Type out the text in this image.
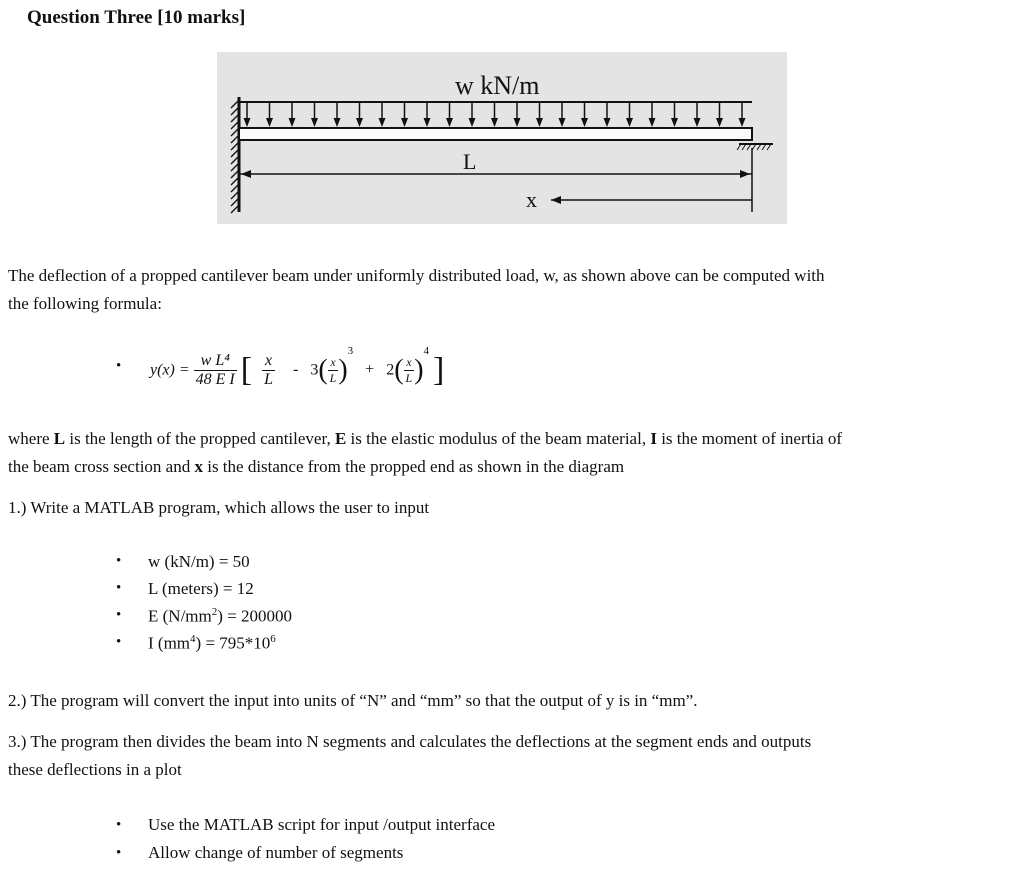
Question Three [10 marks]
w kN/m
L
x
The deflection of a propped cantilever beam under uniformly distributed load, w, as shown above can be computed with
the following formula:
• $y(x) = \frac{\text{w L⁴}}{\text{48 E I}}$ [ $\frac{x}{L} - 3( \frac{x}{L} )^3 + 2( \frac{x}{L} )^4$ ]
where L is the length of the propped cantilever, E is the elastic modulus of the beam material, I is the moment of inertia of
the beam cross section and x is the distance from the propped end as shown in the diagram
1.) Write a MATLAB program, which allows the user to input
• w (kN/m) = 50
• L (meters) = 12
• E $(N/mm^2) = 200000$
• I $(mm^4) = 795*10^6$
2.) The program will convert the input into units of “N” and “mm” so that the output of y is in “mm”.
3.) The program then divides the beam into N segments and calculates the deflections at the segment ends and outputs
these deflections in a plot
• Use the MATLAB script for input /output interface
• Allow change of number of segments
